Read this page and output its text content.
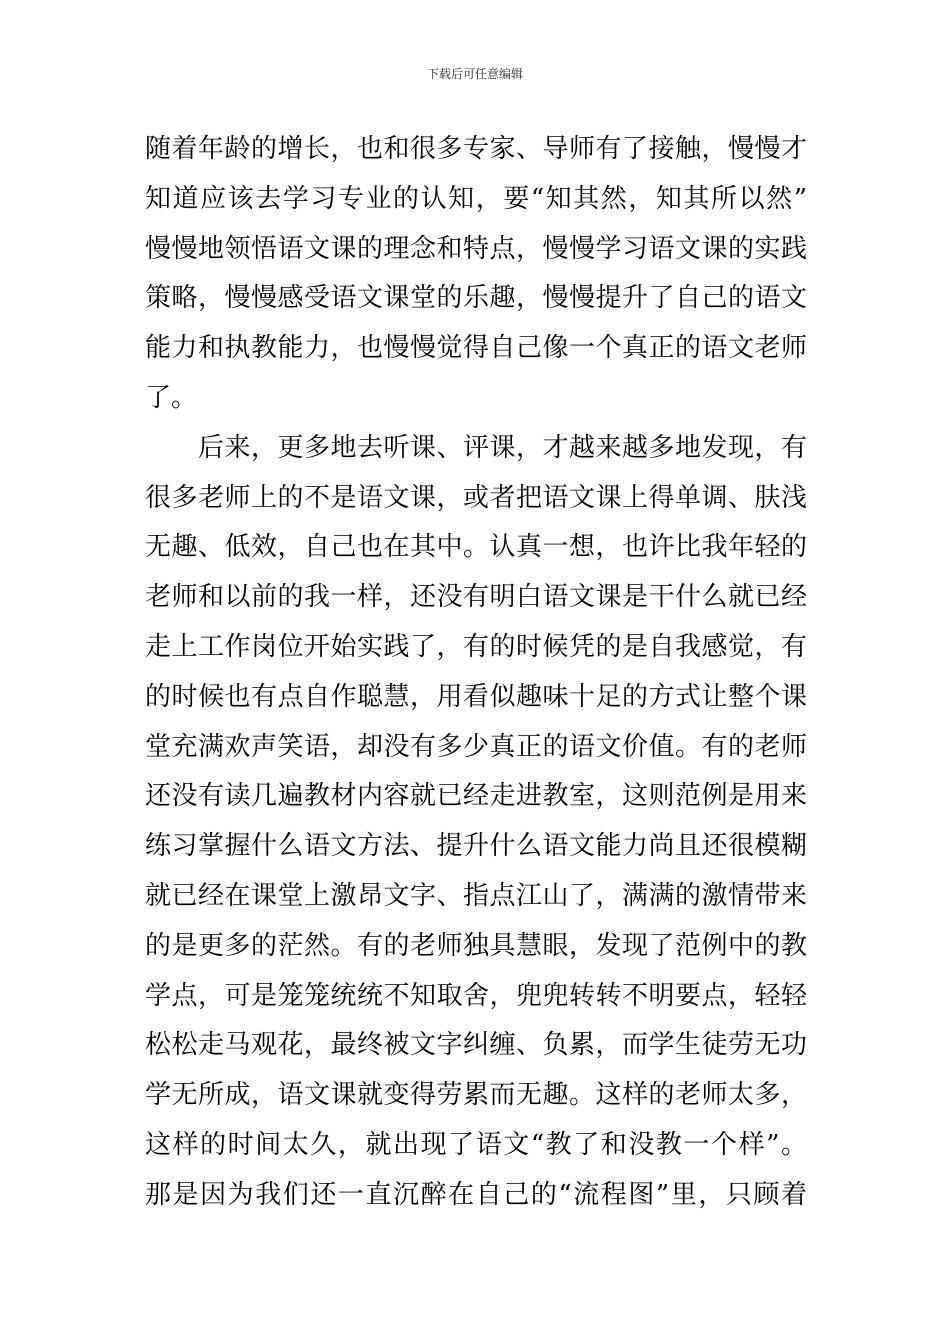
下载后可任意编辑
随着年龄的增长，也和很多专家、导师有了接触，慢慢才
知道应该去学习专业的认知，要“知其然，知其所以然”
慢慢地领悟语文课的理念和特点，慢慢学习语文课的实践
策略，慢慢感受语文课堂的乐趣，慢慢提升了自己的语文
能力和执教能力，也慢慢觉得自己像一个真正的语文老师
了。
后来，更多地去听课、评课，才越来越多地发现，有
很多老师上的不是语文课，或者把语文课上得单调、肤浅
无趣、低效，自己也在其中。认真一想，也许比我年轻的
老师和以前的我一样，还没有明白语文课是干什么就已经
走上工作岗位开始实践了，有的时候凭的是自我感觉，有
的时候也有点自作聪慧，用看似趣味十足的方式让整个课
堂充满欢声笑语，却没有多少真正的语文价值。有的老师
还没有读几遍教材内容就已经走进教室，这则范例是用来
练习掌握什么语文方法、提升什么语文能力尚且还很模糊
就已经在课堂上激昂文字、指点江山了，满满的激情带来
的是更多的茫然。有的老师独具慧眼，发现了范例中的教
学点，可是笼笼统统不知取舍，兜兜转转不明要点，轻轻
松松走马观花，最终被文字纠缠、负累，而学生徒劳无功
学无所成，语文课就变得劳累而无趣。这样的老师太多，
这样的时间太久，就出现了语文“教了和没教一个样”。
那是因为我们还一直沉醉在自己的“流程图”里，只顾着
